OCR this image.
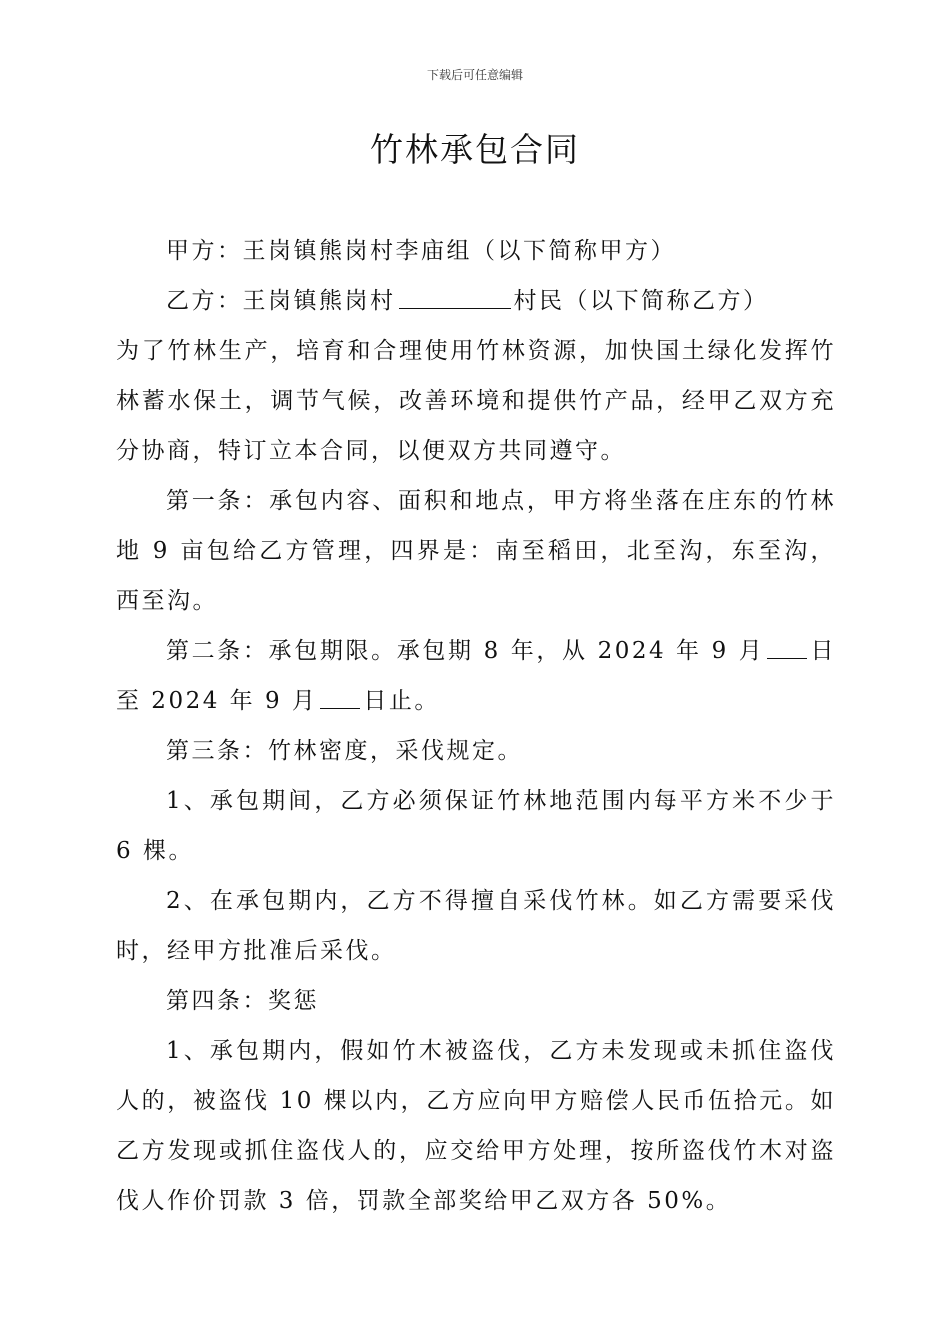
下载后可任意编辑
竹林承包合同

甲方：王岗镇熊岗村李庙组（以下简称甲方）

乙方：王岗镇熊岗村	村民（以下简称乙方）

为了竹林生产，培育和合理使用竹林资源，加快国土绿化发挥竹林蓄水保土，调节气候，改善环境和提供竹产品，经甲乙双方充分协商，特订立本合同，以便双方共同遵守。

第一条：承包内容、面积和地点，甲方将坐落在庄东的竹林地 9 亩包给乙方管理，四界是：南至稻田，北至沟，东至沟，西至沟。

第二条：承包期限。承包期 8 年，从 2024 年 9 月 日至 2024 年 9 月 日止。

第三条：竹林密度，采伐规定。

1、承包期间，乙方必须保证竹林地范围内每平方米不少于 6 棵。

2、在承包期内，乙方不得擅自采伐竹林。如乙方需要采伐时，经甲方批准后采伐。

第四条：奖惩

1、承包期内，假如竹木被盗伐，乙方未发现或未抓住盗伐人的，被盗伐 10 棵以内，乙方应向甲方赔偿人民币伍拾元。如乙方发现或抓住盗伐人的，应交给甲方处理，按所盗伐竹木对盗伐人作价罚款 3 倍，罚款全部奖给甲乙双方各 50%。
